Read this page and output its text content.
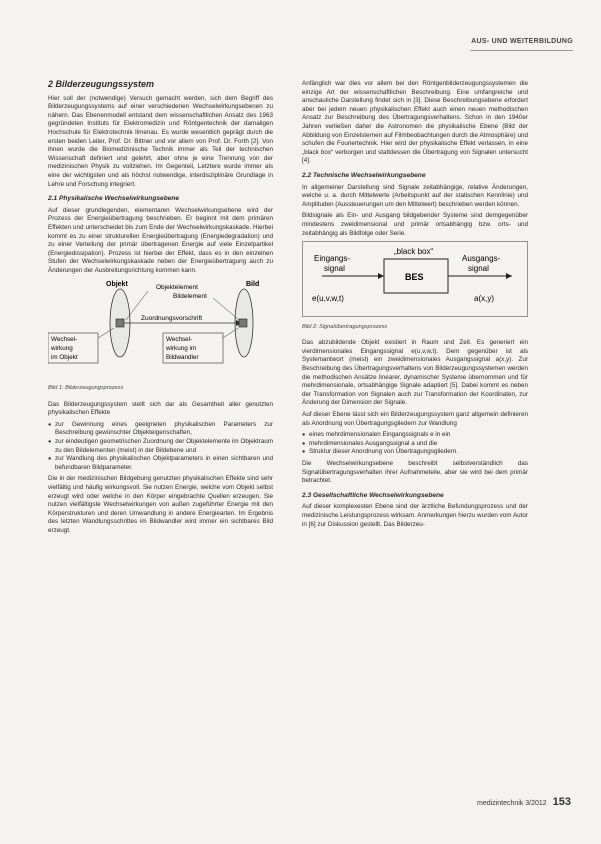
AUS- UND WEITERBILDUNG
2 Bilderzeugungssystem

Hier soll der (notwendige) Versuch gemacht werden, sich dem Begriff des Bilderzeugungssystems auf einer verschiedenen Wechselwirkungsebenen zu nähern. Das Ebenenmodell entstand dem wissenschaftlichen Ansatz des 1963 gegründeten Instituts für Elektromedizin und Röntgentechnik der damaligen Hochschule für Elektrotechnik Ilmenau. Es wurde wesentlich geprägt durch die ersten beiden Leiter, Prof. Dr. Bittner und vor allem von Prof. Dr. Forth [2]. Von ihnen wurde die Biomedizinische Technik immer als Teil der technischen Wissenschaft definiert und gelehrt, aber ohne je eine Trennung von der medizinischen Physik zu vollziehen. Im Gegenteil, Letztere wurde immer als eine der wichtigsten und als höchst notwendige, interdisziplinäre Grundlage in Lehre und Forschung integriert.

2.1 Physikalische Wechselwirkungsebene

Auf dieser grundlegenden, elementaren Wechselwirkungsebene wird der Prozess der Energieübertragung beschrieben. Er beginnt mit dem primären Effekten und unterscheidet bis zum Ende der Wechselwirkungskaskade. Hierbei kommt es zu einer strukturellen Energieübertragung (Energiedegradation) und zu einer Verteilung der primär übertragenen Energie auf viele Einzelpartikel (Energiedissipation). Prozess ist hierbei der Effekt, dass es in den einzelnen Stufen der Wechselwirkungskaskade neben der Energieübertragung auch zu Änderungen der Ausbreitungsrichtung kommen kann.

Objekt	Objektelement
Bildelement
Bild
Zuordnungsvorschrift
Wechsel-
wirkung
im Objekt
Wechsel-
wirkung im
Bildwandler
Bild 1: Bilderzeugungsprozess

Das Bilderzeugungssystem stellt sich dar als Gesamtheit aller genutzten physikalischen Effekte

● zur Gewinnung eines geeigneten physikalischen Parameters zur Beschreibung gewünschter Objekteigenschaften,
● zur eindeutigen geometrischen Zuordnung der Objektelemente im Objektraum zu den Bildelementen (meist) in der Bildebene und
● zur Wandlung des physikalischen Objektparameters in einen sichtbaren und befundbaren Bildparameter.

Die in der medizinischen Bildgebung genutzten physikalischen Effekte sind sehr vielfältig und häufig wirkungsvoll. Sie nutzen Energie, welche vom Objekt selbst erzeugt wird oder welche in den Körper eingebrachte Quellen erzeugen. Sie nutzen vielfältigste Wechselwirkungen von außen zugeführter Energie mit den Körperstrukturen und deren Umwandlung in andere Energiearten. Im Ergebnis des letzten Wandlungsschrittes im Bildwandler wird immer ein sichtbares Bild erzeugt.

Anfänglich war dies vor allem bei den Röntgenbilderzeugungssystemen die einzige Art der wissenschaftlichen Beschreibung. Eine umfangreiche und anschauliche Darstellung findet sich in [3]. Diese Beschreibungsebene erfordert aber bei jedem neuen physikalischen Effekt auch einen neuen methodischen Ansatz zur Beschreibung des Übertragungsverhaltens. Schon in den 1940er Jahren verließen daher die Astronomen die physikalische Ebene (Bild der Abbildung von Einzelsternen auf Filmbeobachtungen durch die Atmosphäre) und schufen die Fouriertechnik. Hier wird der physikalische Effekt verlassen, in eine „black box“ verborgen und stattdessen die Übertragung von Signalen untersucht [4].

2.2 Technische Wechselwirkungsebene

In allgemeiner Darstellung sind Signale zeitabhängige, relative Änderungen, welche u. a. durch Mittelwerte (Arbeitspunkt auf der statischen Kennlinie) und Amplituden (Aussteuerungen um den Mittelwert) beschrieben werden können.

Bildsignale als Ein- und Ausgang bildgebender Systeme sind demgegenüber mindestens zweidimensional und primär ortsabhängig bzw. orts- und zeitabhängig als Bildfolge oder Serie.

„black box“
BES
Eingangs-
signal
Ausgangs-
signal
e(u,v,w,t)	a(x,y)
Bild 2: Signalübertragungsprozess

Das abzubildende Objekt existiert in Raum und Zeit. Es generiert ein vierdimensionales Eingangssignal e(u,v,w,t). Dem gegenüber ist als Systemantwort (meist) ein zweidimensionales Ausgangssignal a(x,y). Zur Beschreibung des Übertragungsverhaltens von Bilderzeugungssystemen werden die methodischen Ansätze linearer, dynamischer Systeme übernommen und für mehrdimensionale, ortsabhängige Signale adaptiert [5]. Dabei kommt es neben der Transformation von Signalen auch zur Transformation der Koordinaten, zur Änderung der Dimension der Signale.

Auf dieser Ebene lässt sich ein Bilderzeugungssystem ganz allgemein definieren als Anordnung von Übertragungsgliedern zur Wandlung

● eines mehrdimensionalen Eingangssignals e in ein
● mehrdimensionales Ausgangssignal a und die
● Struktur dieser Anordnung von Übertragungsgliedern.

Die Wechselwirkungsebene beschreibt selbstverständlich das Signalübertragungsverhalten ihrer Aufnahmeteile, aber sie wird bei dem primär betrachtet.

2.3 Gesellschaftliche Wechselwirkungsebene

Auf dieser komplexesten Ebene sind der ärztliche Befundungsprozess und der medizinische Leistungsprozess wirksam. Anmerkungen hierzu wurden vom Autor in [6] zur Diskussion gestellt. Das Bilderzeu-

medizintechnik 3/2012 153
